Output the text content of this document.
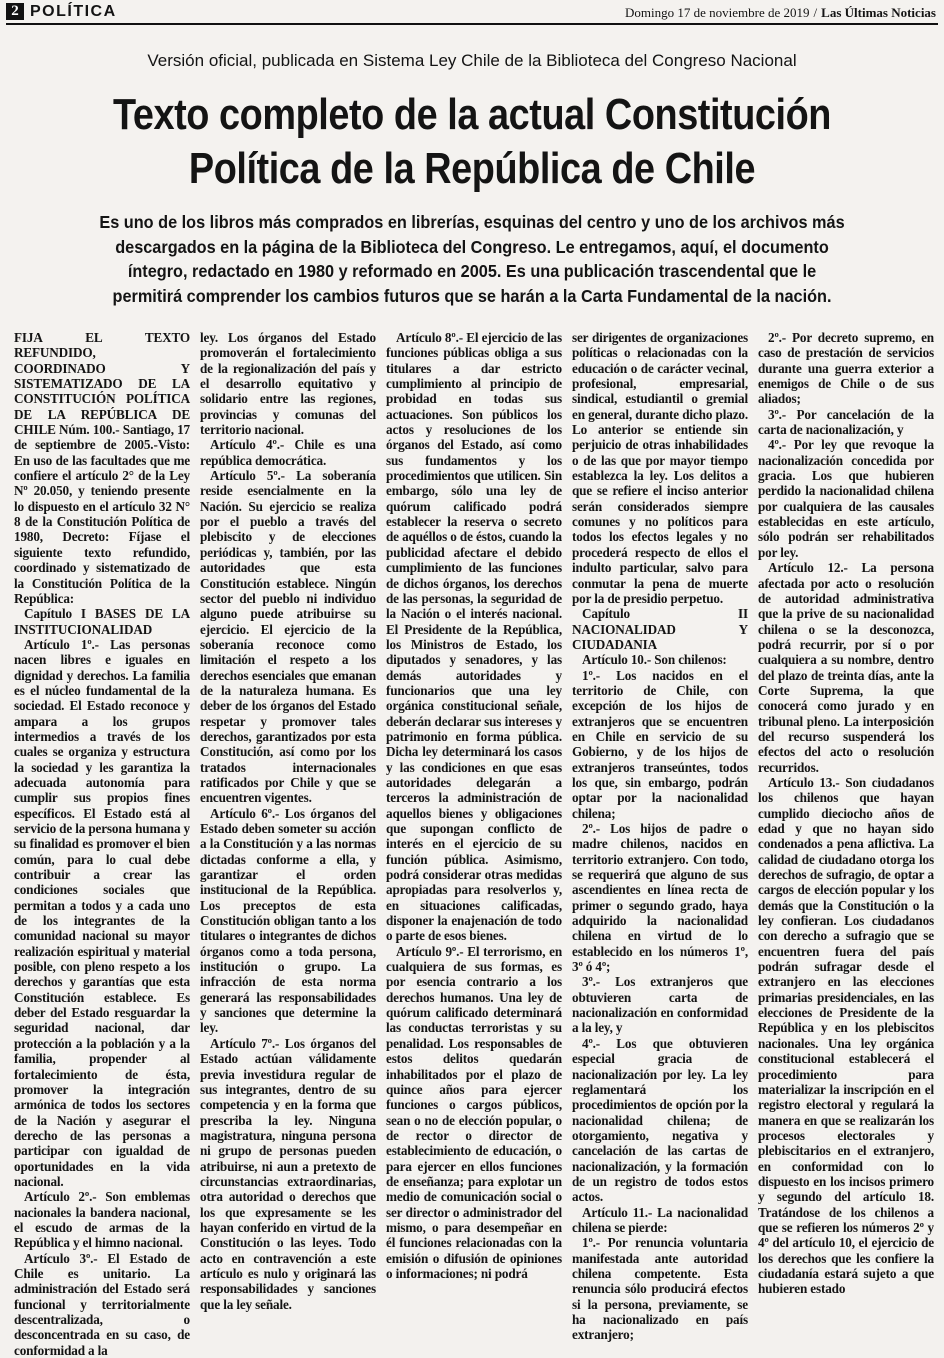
2 POLÍTICA	Domingo 17 de noviembre de 2019 / Las Últimas Noticias
Versión oficial, publicada en Sistema Ley Chile de la Biblioteca del Congreso Nacional
Texto completo de la actual Constitución
Política de la República de Chile
Es uno de los libros más comprados en librerías, esquinas del centro y uno de los archivos más descargados en la página de la Biblioteca del Congreso. Le entregamos, aquí, el documento íntegro, redactado en 1980 y reformado en 2005. Es una publicación trascendental que le permitirá comprender los cambios futuros que se harán a la Carta Fundamental de la nación.

FIJA EL TEXTO REFUNDIDO, COORDINADO Y SISTEMATIZADO DE LA CONSTITUCIÓN POLÍTICA DE LA REPÚBLICA DE CHILE Núm. 100.- Santiago, 17 de septiembre de 2005.-Visto: En uso de las facultades que me confiere el artículo 2° de la Ley Nº 20.050, y teniendo presente lo dispuesto en el artículo 32 N° 8 de la Constitución Política de 1980, Decreto: Fíjase el siguiente texto refundido, coordinado y sistematizado de la Constitución Política de la República:

Capítulo I BASES DE LA INSTITUCIONALIDAD

Artículo 1º.- Las personas nacen libres e iguales en dignidad y derechos. La familia es el núcleo fundamental de la sociedad. El Estado reconoce y ampara a los grupos intermedios a través de los cuales se organiza y estructura la sociedad y les garantiza la adecuada autonomía para cumplir sus propios fines específicos. El Estado está al servicio de la persona humana y su finalidad es promover el bien común, para lo cual debe contribuir a crear las condiciones sociales que permitan a todos y a cada uno de los integrantes de la comunidad nacional su mayor realización espiritual y material posible, con pleno respeto a los derechos y garantías que esta Constitución establece. Es deber del Estado resguardar la seguridad nacional, dar protección a la población y a la familia, propender al fortalecimiento de ésta, promover la integración armónica de todos los sectores de la Nación y asegurar el derecho de las personas a participar con igualdad de oportunidades en la vida nacional.

Artículo 2º.- Son emblemas nacionales la bandera nacional, el escudo de armas de la República y el himno nacional.

Artículo 3º.- El Estado de Chile es unitario. La administración del Estado será funcional y territorialmente descentralizada, o desconcentrada en su caso, de conformidad a la

ley. Los órganos del Estado promoverán el fortalecimiento de la regionalización del país y el desarrollo equitativo y solidario entre las regiones, provincias y comunas del territorio nacional.

Artículo 4º.- Chile es una república democrática.

Artículo 5º.- La soberanía reside esencialmente en la Nación. Su ejercicio se realiza por el pueblo a través del plebiscito y de elecciones periódicas y, también, por las autoridades que esta Constitución establece. Ningún sector del pueblo ni individuo alguno puede atribuirse su ejercicio. El ejercicio de la soberanía reconoce como limitación el respeto a los derechos esenciales que emanan de la naturaleza humana. Es deber de los órganos del Estado respetar y promover tales derechos, garantizados por esta Constitución, así como por los tratados internacionales ratificados por Chile y que se encuentren vigentes.

Artículo 6º.- Los órganos del Estado deben someter su acción a la Constitución y a las normas dictadas conforme a ella, y garantizar el orden institucional de la República. Los preceptos de esta Constitución obligan tanto a los titulares o integrantes de dichos órganos como a toda persona, institución o grupo. La infracción de esta norma generará las responsabilidades y sanciones que determine la ley.

Artículo 7º.- Los órganos del Estado actúan válidamente previa investidura regular de sus integrantes, dentro de su competencia y en la forma que prescriba la ley. Ninguna magistratura, ninguna persona ni grupo de personas pueden atribuirse, ni aun a pretexto de circunstancias extraordinarias, otra autoridad o derechos que los que expresamente se les hayan conferido en virtud de la Constitución o las leyes. Todo acto en contravención a este artículo es nulo y originará las responsabilidades y sanciones que la ley señale.

Artículo 8º.- El ejercicio de las funciones públicas obliga a sus titulares a dar estricto cumplimiento al principio de probidad en todas sus actuaciones. Son públicos los actos y resoluciones de los órganos del Estado, así como sus fundamentos y los procedimientos que utilicen. Sin embargo, sólo una ley de quórum calificado podrá establecer la reserva o secreto de aquéllos o de éstos, cuando la publicidad afectare el debido cumplimiento de las funciones de dichos órganos, los derechos de las personas, la seguridad de la Nación o el interés nacional. El Presidente de la República, los Ministros de Estado, los diputados y senadores, y las demás autoridades y funcionarios que una ley orgánica constitucional señale, deberán declarar sus intereses y patrimonio en forma pública. Dicha ley determinará los casos y las condiciones en que esas autoridades delegarán a terceros la administración de aquellos bienes y obligaciones que supongan conflicto de interés en el ejercicio de su función pública. Asimismo, podrá considerar otras medidas apropiadas para resolverlos y, en situaciones calificadas, disponer la enajenación de todo o parte de esos bienes.

Artículo 9º.- El terrorismo, en cualquiera de sus formas, es por esencia contrario a los derechos humanos. Una ley de quórum calificado determinará las conductas terroristas y su penalidad. Los responsables de estos delitos quedarán inhabilitados por el plazo de quince años para ejercer funciones o cargos públicos, sean o no de elección popular, o de rector o director de establecimiento de educación, o para ejercer en ellos funciones de enseñanza; para explotar un medio de comunicación social o ser director o administrador del mismo, o para desempeñar en él funciones relacionadas con la emisión o difusión de opiniones o informaciones; ni podrá

ser dirigentes de organizaciones políticas o relacionadas con la educación o de carácter vecinal, profesional, empresarial, sindical, estudiantil o gremial en general, durante dicho plazo. Lo anterior se entiende sin perjuicio de otras inhabilidades o de las que por mayor tiempo establezca la ley. Los delitos a que se refiere el inciso anterior serán considerados siempre comunes y no políticos para todos los efectos legales y no procederá respecto de ellos el indulto particular, salvo para conmutar la pena de muerte por la de presidio perpetuo.

Capítulo II NACIONALIDAD Y CIUDADANIA

Artículo 10.- Son chilenos:

1º.- Los nacidos en el territorio de Chile, con excepción de los hijos de extranjeros que se encuentren en Chile en servicio de su Gobierno, y de los hijos de extranjeros transeúntes, todos los que, sin embargo, podrán optar por la nacionalidad chilena;

2º.- Los hijos de padre o madre chilenos, nacidos en territorio extranjero. Con todo, se requerirá que alguno de sus ascendientes en línea recta de primer o segundo grado, haya adquirido la nacionalidad chilena en virtud de lo establecido en los números 1º, 3º ó 4º;

3º.- Los extranjeros que obtuvieren carta de nacionalización en conformidad a la ley, y

4º.- Los que obtuvieren especial gracia de nacionalización por ley. La ley reglamentará los procedimientos de opción por la nacionalidad chilena; de otorgamiento, negativa y cancelación de las cartas de nacionalización, y la formación de un registro de todos estos actos.

Artículo 11.- La nacionalidad chilena se pierde:

1º.- Por renuncia voluntaria manifestada ante autoridad chilena competente. Esta renuncia sólo producirá efectos si la persona, previamente, se ha nacionalizado en país extranjero;

2º.- Por decreto supremo, en caso de prestación de servicios durante una guerra exterior a enemigos de Chile o de sus aliados;

3º.- Por cancelación de la carta de nacionalización, y

4º.- Por ley que revoque la nacionalización concedida por gracia. Los que hubieren perdido la nacionalidad chilena por cualquiera de las causales establecidas en este artículo, sólo podrán ser rehabilitados por ley.

Artículo 12.- La persona afectada por acto o resolución de autoridad administrativa que la prive de su nacionalidad chilena o se la desconozca, podrá recurrir, por sí o por cualquiera a su nombre, dentro del plazo de treinta días, ante la Corte Suprema, la que conocerá como jurado y en tribunal pleno. La interposición del recurso suspenderá los efectos del acto o resolución recurridos.

Artículo 13.- Son ciudadanos los chilenos que hayan cumplido dieciocho años de edad y que no hayan sido condenados a pena aflictiva. La calidad de ciudadano otorga los derechos de sufragio, de optar a cargos de elección popular y los demás que la Constitución o la ley confieran. Los ciudadanos con derecho a sufragio que se encuentren fuera del país podrán sufragar desde el extranjero en las elecciones primarias presidenciales, en las elecciones de Presidente de la República y en los plebiscitos nacionales. Una ley orgánica constitucional establecerá el procedimiento para materializar la inscripción en el registro electoral y regulará la manera en que se realizarán los procesos electorales y plebiscitarios en el extranjero, en conformidad con lo dispuesto en los incisos primero y segundo del artículo 18. Tratándose de los chilenos a que se refieren los números 2º y 4º del artículo 10, el ejercicio de los derechos que les confiere la ciudadanía estará sujeto a que hubieren estado
